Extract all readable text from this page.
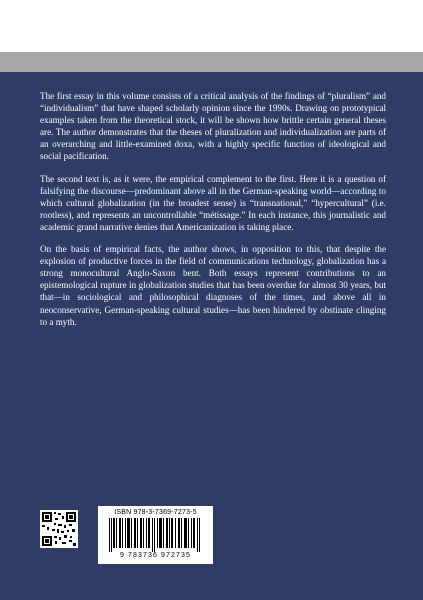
The first essay in this volume consists of a critical analysis of the findings of “pluralism” and “individualism” that have shaped scholarly opinion since the 1990s. Drawing on prototypical examples taken from the theoretical stock, it will be shown how brittle certain general theses are. The author demonstrates that the theses of pluralization and individualization are parts of an overarching and little-examined doxa, with a highly specific function of ideological and social pacification.

The second text is, as it were, the empirical complement to the first. Here it is a question of falsifying the discourse—predominant above all in the German-speaking world—according to which cultural globalization (in the broadest sense) is “transnational,” “hypercultural” (i.e. rootless), and represents an uncontrollable “métissage.” In each instance, this journalistic and academic grand narrative denies that Americanization is taking place.

On the basis of empirical facts, the author shows, in opposition to this, that despite the explosion of productive forces in the field of communications technology, globalization has a strong monocultural Anglo-Saxon bent. Both essays represent contributions to an epistemological rupture in globalization studies that has been overdue for almost 30 years, but that—in sociological and philosophical diagnoses of the times, and above all in neoconservative, German-speaking cultural studies—has been hindered by obstinate clinging to a myth.

ISBN 978-3-7369-7273-5
9 783736 972735
